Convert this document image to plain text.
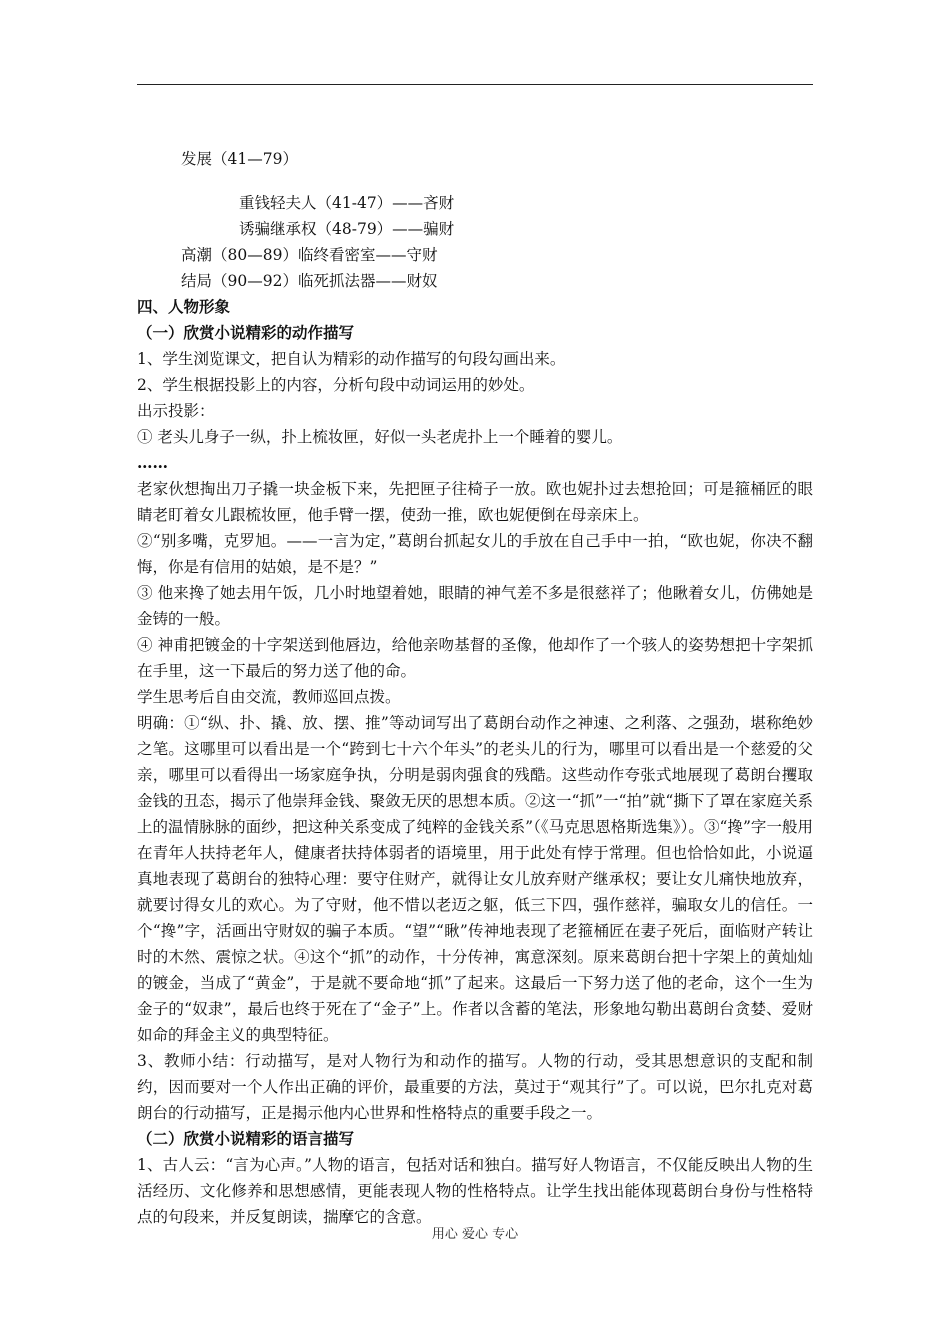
发展（41—79）

重钱轻夫人（41-47）——吝财

诱骗继承权（48-79）——骗财

高潮（80—89）临终看密室——守财

结局（90—92）临死抓法器——财奴

四、人物形象

（一）欣赏小说精彩的动作描写

1、学生浏览课文，把自认为精彩的动作描写的句段勾画出来。

2、学生根据投影上的内容，分析句段中动词运用的妙处。

出示投影：

① 老头儿身子一纵，扑上梳妆匣，好似一头老虎扑上一个睡着的婴儿。

……

老家伙想掏出刀子撬一块金板下来，先把匣子往椅子一放。欧也妮扑过去想抢回；可是箍桶匠的眼睛老盯着女儿跟梳妆匣，他手臂一摆，使劲一推，欧也妮便倒在母亲床上。

②“别多嘴，克罗旭。——一言为定，”葛朗台抓起女儿的手放在自己手中一拍，“欧也妮，你决不翻悔，你是有信用的姑娘，是不是？”

③ 他来搀了她去用午饭，几小时地望着她，眼睛的神气差不多是很慈祥了；他瞅着女儿，仿佛她是金铸的一般。

④ 神甫把镀金的十字架送到他唇边，给他亲吻基督的圣像，他却作了一个骇人的姿势想把十字架抓在手里，这一下最后的努力送了他的命。

学生思考后自由交流，教师巡回点拨。

明确：①“纵、扑、撬、放、摆、推”等动词写出了葛朗台动作之神速、之利落、之强劲，堪称绝妙之笔。这哪里可以看出是一个“跨到七十六个年头”的老头儿的行为，哪里可以看出是一个慈爱的父亲，哪里可以看得出一场家庭争执，分明是弱肉强食的残酷。这些动作夸张式地展现了葛朗台攫取金钱的丑态，揭示了他崇拜金钱、聚敛无厌的思想本质。②这一“抓”一“拍”就“撕下了罩在家庭关系上的温情脉脉的面纱，把这种关系变成了纯粹的金钱关系”（《马克思恩格斯选集》）。③“搀”字一般用在青年人扶持老年人，健康者扶持体弱者的语境里，用于此处有悖于常理。但也恰恰如此，小说逼真地表现了葛朗台的独特心理：要守住财产，就得让女儿放弃财产继承权；要让女儿痛快地放弃，就要讨得女儿的欢心。为了守财，他不惜以老迈之躯，低三下四，强作慈祥，骗取女儿的信任。一个“搀”字，活画出守财奴的骗子本质。“望”“瞅”传神地表现了老箍桶匠在妻子死后，面临财产转让时的木然、震惊之状。④这个“抓”的动作，十分传神，寓意深刻。原来葛朗台把十字架上的黄灿灿的镀金，当成了“黄金”，于是就不要命地“抓”了起来。这最后一下努力送了他的老命，这个一生为金子的“奴隶”，最后也终于死在了“金子”上。作者以含蓄的笔法，形象地勾勒出葛朗台贪婪、爱财如命的拜金主义的典型特征。

3、教师小结：行动描写，是对人物行为和动作的描写。人物的行动，受其思想意识的支配和制约，因而要对一个人作出正确的评价，最重要的方法，莫过于“观其行”了。可以说，巴尔扎克对葛朗台的行动描写，正是揭示他内心世界和性格特点的重要手段之一。

（二）欣赏小说精彩的语言描写

1、古人云：“言为心声。”人物的语言，包括对话和独白。描写好人物语言，不仅能反映出人物的生活经历、文化修养和思想感情，更能表现人物的性格特点。让学生找出能体现葛朗台身份与性格特点的句段来，并反复朗读，揣摩它的含意。

用心 爱心 专心
